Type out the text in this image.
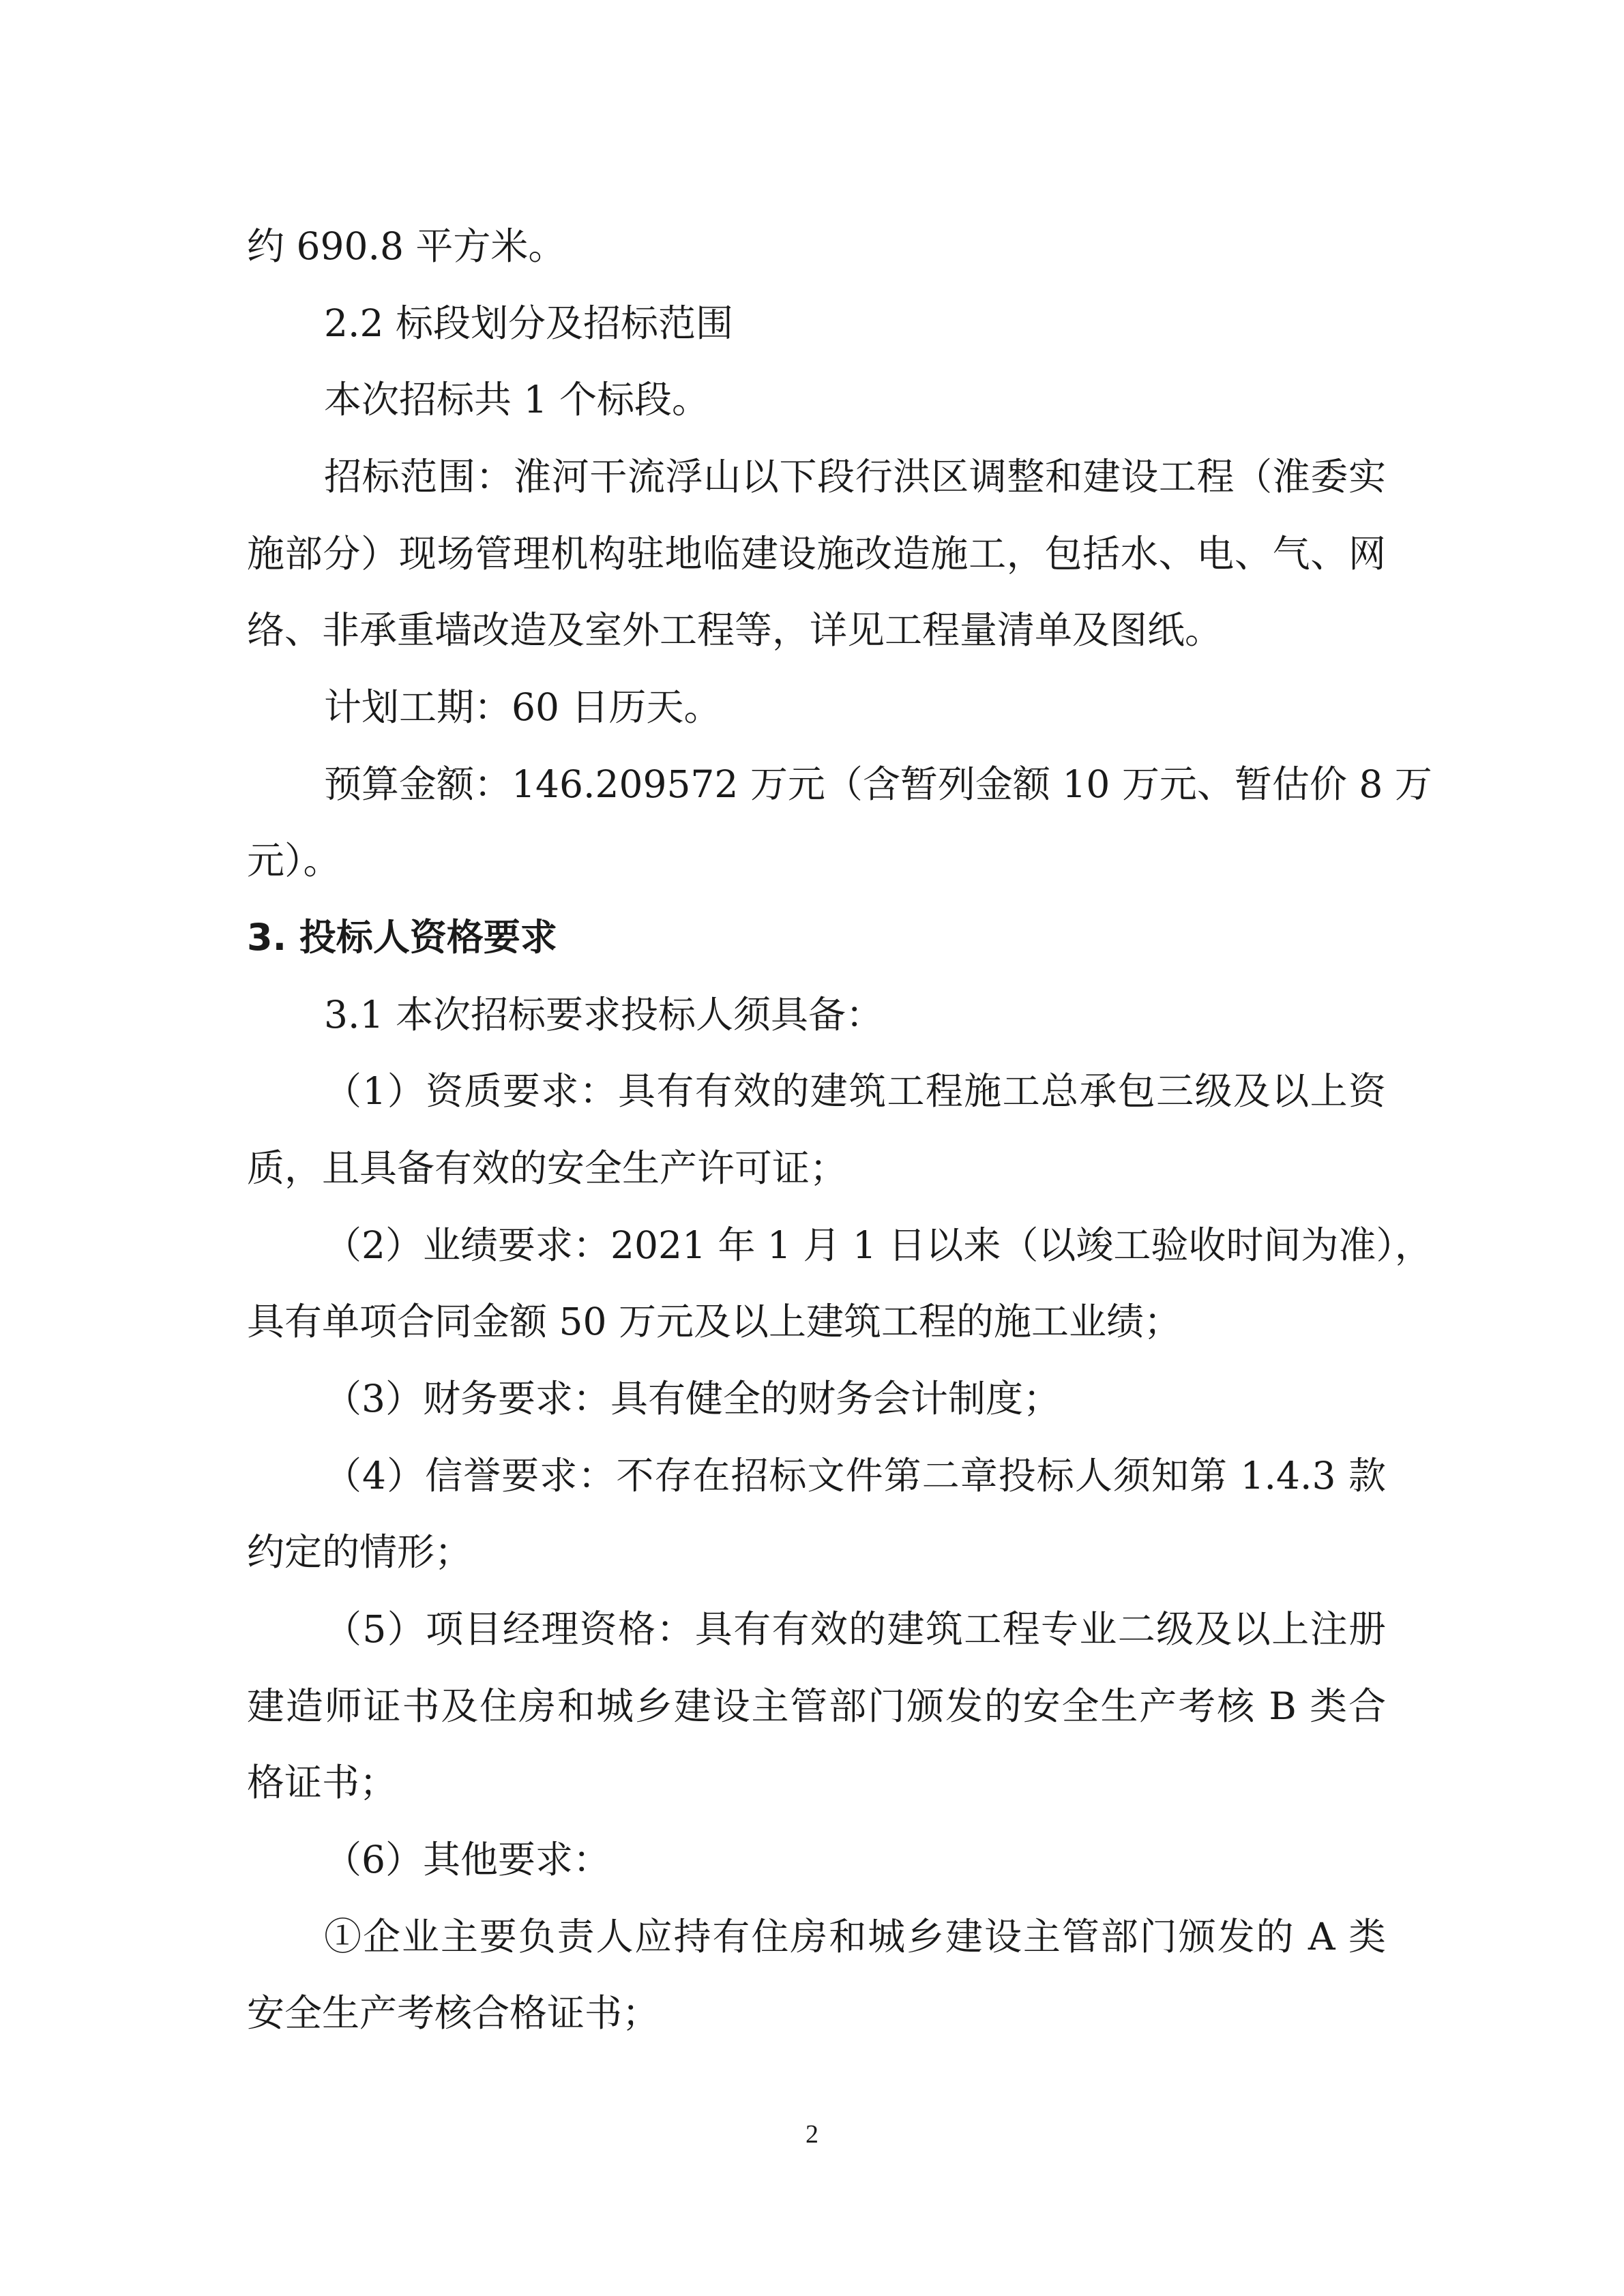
约 690.8 平方米。

2.2 标段划分及招标范围

本次招标共 1 个标段。

招标范围：淮河干流浮山以下段行洪区调整和建设工程（淮委实

施部分）现场管理机构驻地临建设施改造施工，包括水、电、气、网

络、非承重墙改造及室外工程等，详见工程量清单及图纸。

计划工期：60 日历天。

预算金额：146.209572 万元（含暂列金额 10 万元、暂估价 8 万

元）。

3. 投标人资格要求

3.1 本次招标要求投标人须具备：

（1）资质要求：具有有效的建筑工程施工总承包三级及以上资

质，且具备有效的安全生产许可证；

（2）业绩要求：2021 年 1 月 1 日以来（以竣工验收时间为准），

具有单项合同金额 50 万元及以上建筑工程的施工业绩；

（3）财务要求：具有健全的财务会计制度；

（4）信誉要求：不存在招标文件第二章投标人须知第 1.4.3 款

约定的情形；

（5）项目经理资格：具有有效的建筑工程专业二级及以上注册

建造师证书及住房和城乡建设主管部门颁发的安全生产考核 B 类合

格证书；

（6）其他要求：

①企业主要负责人应持有住房和城乡建设主管部门颁发的 A 类

安全生产考核合格证书；

2
